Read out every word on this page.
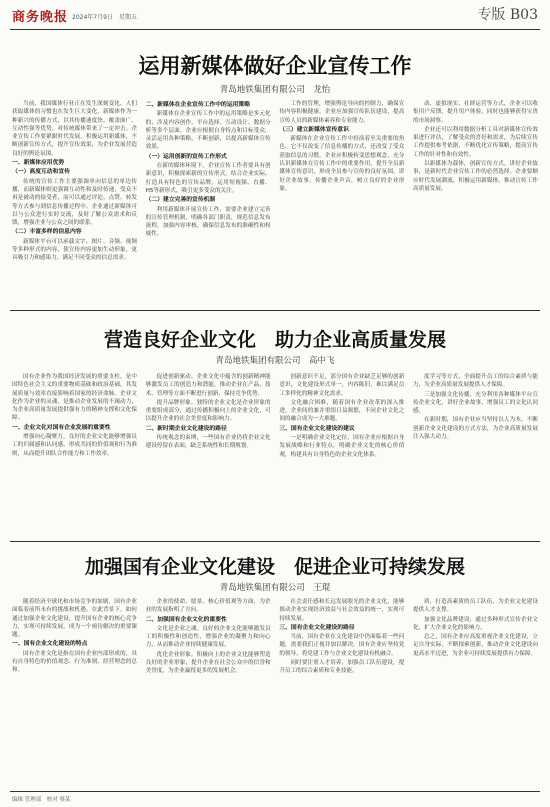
商务晚报 2024年7月9日　 星期五	专版 B03
运用新媒体做好企业宣传工作
青岛地铁集团有限公司　龙怡

当前，我国媒体行业正在发生深刻变化，人们获取媒体的习惯也在发生巨大变化，新媒体作为一种新兴的传播方式，以其传播速度快、覆盖面广、互动性强等优势，对传统媒体带来了一定冲击。企业宣传工作要紧跟时代发展，积极运用新媒体，不断创新宣传方式，提升宣传效果，为企业发展营造良好的舆论氛围。

一、新媒体应用优势
（一）高度互动和宣传

传统的宣传工作主要强调单向信息的单边传播，而新媒体则更强调互动性和及时传递，受众不再是被动的接受者，而可以通过评论、点赞、转发等方式参与到信息传播过程中。企业通过新媒体可以与公众进行实时交流，及时了解公众需求和反馈，增强企业与公众之间的联系。

（二）丰富多样的信息内容

新媒体平台可以承载文字、图片、音频、视频等多种形式的内容，使宣传内容更加生动形象，更具吸引力和感染力，满足不同受众的信息需求。

二、新媒体在企业宣传工作中的运用策略

新媒体在企业宣传工作中的运用策略是多元化的，涉及内容创作、平台选择、互动设计、数据分析等多个层面。企业应根据自身特点和目标受众，灵活运用各种策略，不断创新，以提高新媒体宣传效果。

（一）运用创新的宣传工作形式

在新的媒体环境下，企业宣传工作者要具有创新意识，积极探索新的宣传形式，结合企业实际，打造具有特色的宣传品牌，运用短视频、直播、H5等新形式，吸引更多受众的关注。

（二）建立完善的宣传机制

利用新媒体开展宣传工作，需要企业建立完善的宣传管理机制，明确各部门职责，规范信息发布流程，加强内容审核，确保信息发布的准确性和权威性。

工作的管理，增强舆论导向的控制力，确保宣传内容积极健康。企业应加强宣传队伍建设，提高宣传人员的新媒体素养和专业能力。

（三）建立新媒体宣传意识

新媒体在企业宣传工作中扮演着至关重要的角色，它不仅改变了信息传播的方式，还改变了受众获取信息的习惯。企业应积极转变思想观念，充分认识新媒体在宣传工作中的重要作用，提升全员新媒体宣传意识，形成全员参与宣传的良好氛围，讲好企业故事，传播企业声音，树立良好的企业形象。

动、虚拟现实、社群运营等方式，企业可以收集用户反馈，提升用户体验，同时也能够获得宝贵的市场洞察。

企业还可以利用数据分析工具对新媒体宣传效果进行评估，了解受众的喜好和需求，为后续宣传工作提供参考依据，不断优化宣传策略，提高宣传工作的针对性和有效性。

以新媒体为载体，创新宣传方式，讲好企业故事，是新时代企业宣传工作的必然选择。企业要顺应时代发展潮流，积极运用新媒体，推动宣传工作高质量发展。

营造良好企业文化　助力企业高质量发展
青岛地铁集团有限公司　高中飞

国有企业作为我国经济发展的重要支柱，是中国特色社会主义的重要物质基础和政治基础，其发展质量与效率直接影响着国家的经济命脉。企业文化作为企业的灵魂，是推动企业发展的不竭动力，为企业高质量发展提供强有力的精神支撑和文化保障。

一、企业文化对国有企业发展的重要性

增强向心凝聚力。良好的企业文化能够增强员工的归属感和认同感，形成共同的价值观和行为准则，从而提升团队合作能力和工作效率。

促进创新驱动。企业文化中蕴含的创新精神能够激发员工的创造力和潜能，推动企业在产品、技术、管理等方面不断进行创新，保持竞争优势。

提升品牌形象。独特的企业文化是企业形象的重要组成部分，通过传播积极向上的企业文化，可以提升企业的社会美誉度和影响力。

二、新时期企业文化建设的路径

传统观念的束缚，一些国有企业仍将企业文化建设停留在表面，缺乏系统性和长期规划。

创新意识不足，部分国有企业缺乏足够的创新意识，文化建设形式单一，内容陈旧，难以满足员工多样化的精神文化需求。

文化融合困难，随着国有企业改革的深入推进，企业间的兼并重组日益频繁，不同企业文化之间的融合成为一大难题。

三、国有企业文化建设的建议

一是明确企业文化定位，国有企业应根据自身发展战略和行业特点，明确企业文化的核心价值观，构建具有自身特色的企业文化体系。

度学习等方式，全面提升员工的综合素质与能力，为企业高质量发展提供人才保障。

三是加强文化传播，充分利用各种媒体平台宣传企业文化，讲好企业故事，增强员工的文化认同感。

在新时期，国有企业应当坚持以人为本，不断创新企业文化建设的方式方法，为企业高质量发展注入强大动力。

加强国有企业文化建设　促进企业可持续发展
青岛地铁集团有限公司　王琨

随着经济全球化和市场竞争的加剧，国有企业面临着前所未有的挑战和机遇。在此背景下，如何通过加强企业文化建设，提升国有企业的核心竞争力，实现可持续发展，成为一个亟待解决的重要课题。

一、国有企业文化建设的特点

国有企业文化是指在国有企业内部形成的，具有自身特色的价值观念、行为准则、经营理念的总和。

企业的使命、愿景、核心价值观等方面，为企业的发展指明了方向。

二、加强国有企业文化的重要性

文化是企业之魂。良好的企业文化能够激发员工的积极性和创造性，增强企业的凝聚力和向心力，从而推动企业持续健康发展。

优化企业形象。积极向上的企业文化能够塑造良好的企业形象，提升企业在社会公众中的信誉和美誉度，为企业赢得更多的发展机会。

社会责任感和长远发展眼光的企业文化，能够推动企业实现经济效益与社会效益的统一，实现可持续发展。

三、国有企业文化建设的路径

当前，国有企业在文化建设中仍面临着一些问题，需要我们正视并加以解决。国有企业应坚持党的领导，将党建工作与企业文化建设有机融合。

同时要注重人才培养，加强员工队伍建设，提升员工的综合素质和专业技能。

质，打造高素质的员工队伍，为企业文化建设提供人才支撑。

加强文化品牌建设，通过多种形式宣传企业文化，扩大企业文化的影响力。

总之，国有企业应高度重视企业文化建设，立足自身实际，不断探索创新，推动企业文化建设向更高水平迈进，为企业可持续发展提供有力保障。

编辑 管理部　校对 蔡某
